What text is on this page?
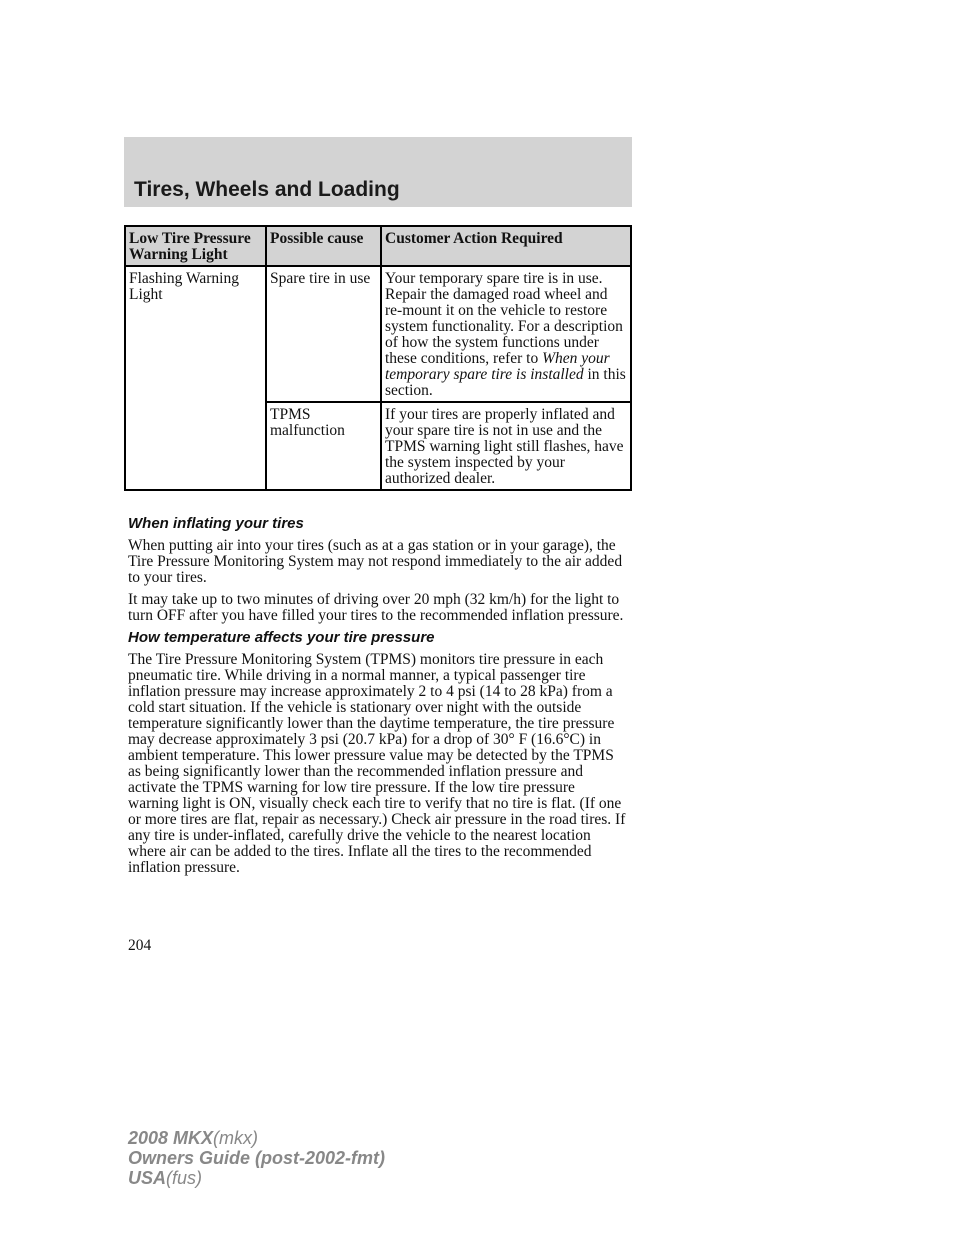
Tires, Wheels and Loading
Low Tire Pressure Warning Light	Possible cause	Customer Action Required
Flashing Warning Light	Spare tire in use	Your temporary spare tire is in use. Repair the damaged road wheel and re-mount it on the vehicle to restore system functionality. For a description of how the system functions under these conditions, refer to When your temporary spare tire is installed in this section.
	TPMS malfunction	If your tires are properly inflated and your spare tire is not in use and the TPMS warning light still flashes, have the system inspected by your authorized dealer.
When inflating your tires

When putting air into your tires (such as at a gas station or in your garage), the Tire Pressure Monitoring System may not respond immediately to the air added to your tires.

It may take up to two minutes of driving over 20 mph (32 km/h) for the light to turn OFF after you have filled your tires to the recommended inflation pressure.

How temperature affects your tire pressure

The Tire Pressure Monitoring System (TPMS) monitors tire pressure in each pneumatic tire. While driving in a normal manner, a typical passenger tire inflation pressure may increase approximately 2 to 4 psi (14 to 28 kPa) from a cold start situation. If the vehicle is stationary over night with the outside temperature significantly lower than the daytime temperature, the tire pressure may decrease approximately 3 psi (20.7 kPa) for a drop of 30° F (16.6°C) in ambient temperature. This lower pressure value may be detected by the TPMS as being significantly lower than the recommended inflation pressure and activate the TPMS warning for low tire pressure. If the low tire pressure warning light is ON, visually check each tire to verify that no tire is flat. (If one or more tires are flat, repair as necessary.) Check air pressure in the road tires. If any tire is under-inflated, carefully drive the vehicle to the nearest location where air can be added to the tires. Inflate all the tires to the recommended inflation pressure.

204

2008 MKX(mkx)
Owners Guide (post-2002-fmt)
USA(fus)
